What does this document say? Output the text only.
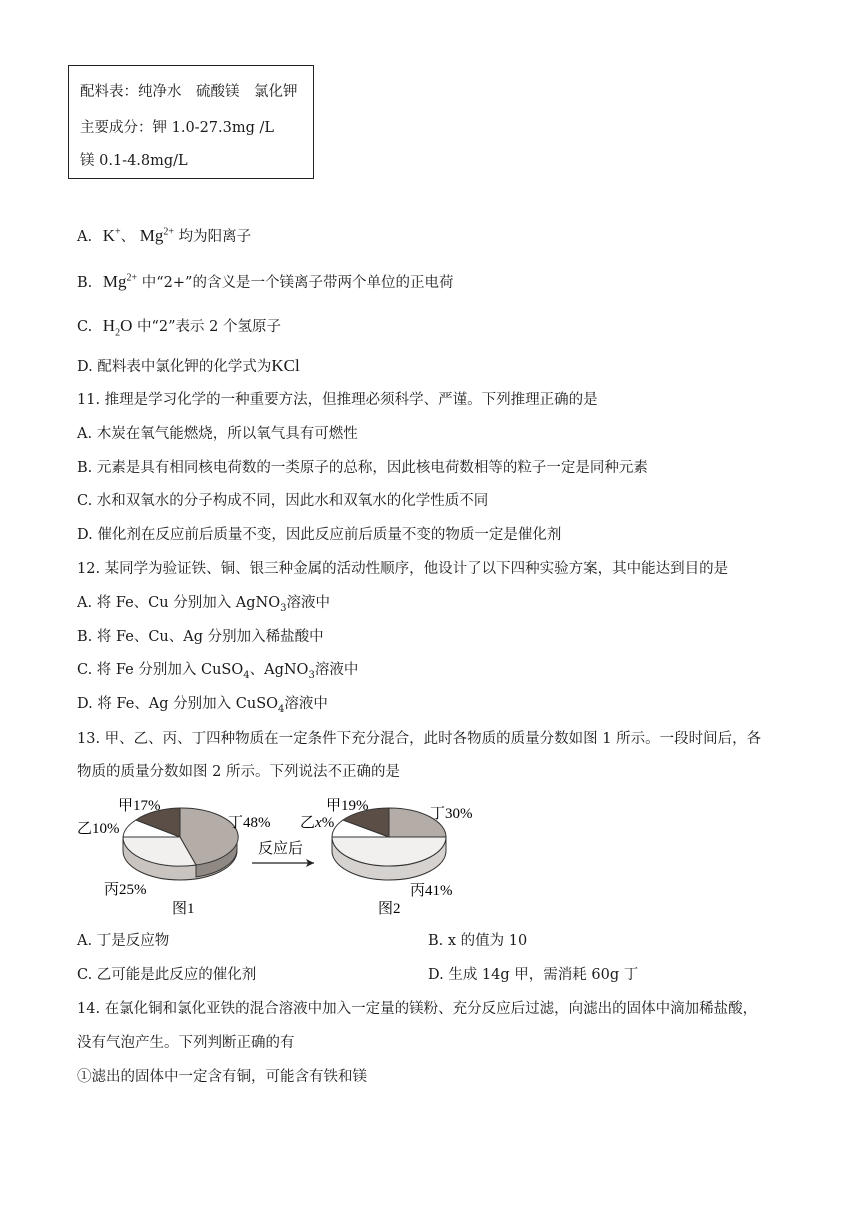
配料表：纯净水　硫酸镁　氯化钾
主要成分：钾 1.0-27.3mg /L
镁 0.1-4.8mg/L
A. K+、 $Mg^{2+}$ 均为阳离子
B. $Mg^{2+}$ 中“2+”的含义是一个镁离子带两个单位的正电荷
C. $H_2O$ 中“2”表示 2 个氢原子
D. 配料表中氯化钾的化学式为KCl
11. 推理是学习化学的一种重要方法，但推理必须科学、严谨。下列推理正确的是
A. 木炭在氧气能燃烧，所以氧气具有可燃性
B. 元素是具有相同核电荷数的一类原子的总称，因此核电荷数相等的粒子一定是同种元素
C. 水和双氧水的分子构成不同，因此水和双氧水的化学性质不同
D. 催化剂在反应前后质量不变，因此反应前后质量不变的物质一定是催化剂
12. 某同学为验证铁、铜、银三种金属的活动性顺序，他设计了以下四种实验方案，其中能达到目的是
A. 将 Fe、Cu 分别加入 AgNO$_3$溶液中
B. 将 Fe、Cu、Ag 分别加入稀盐酸中
C. 将 Fe 分别加入 CuSO$_4$、AgNO$_3$溶液中
D. 将 Fe、Ag 分别加入 CuSO$_4$溶液中
13. 甲、乙、丙、丁四种物质在一定条件下充分混合，此时各物质的质量分数如图 1 所示。一段时间后，各
物质的质量分数如图 2 所示。下列说法不正确的是
甲17%
乙10%	丁48%
丙25%
图1
反应后
甲19%
乙x%
丁30%
丙41%
图2
A. 丁是反应物	B. x 的值为 10
C. 乙可能是此反应的催化剂	D. 生成 14g 甲，需消耗 60g 丁
14. 在氯化铜和氯化亚铁的混合溶液中加入一定量的镁粉、充分反应后过滤，向滤出的固体中滴加稀盐酸，
没有气泡产生。下列判断正确的有
①滤出的固体中一定含有铜，可能含有铁和镁
